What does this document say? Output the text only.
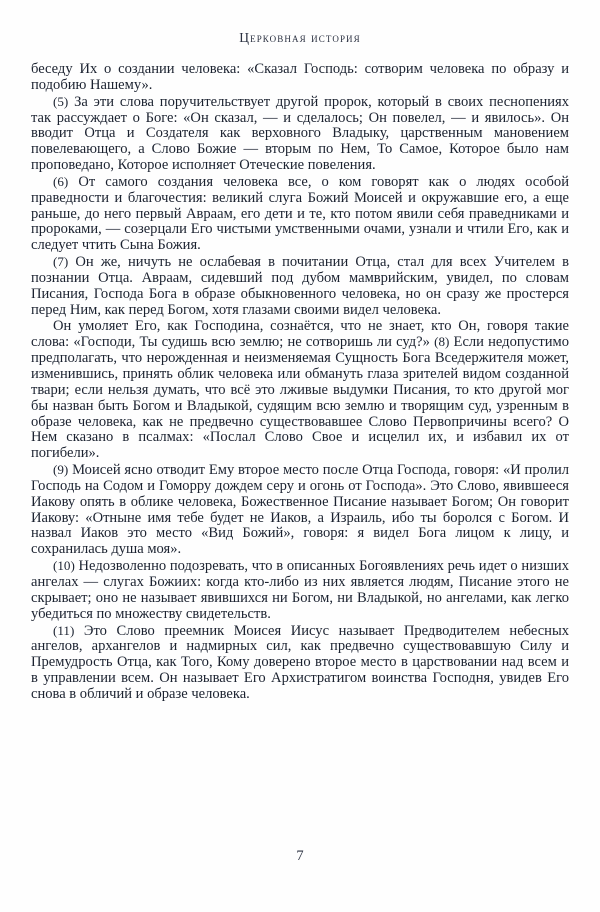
Церковная история

беседу Их о создании человека: «Сказал Господь: сотворим человека по образу и подобию Нашему».

(5) За эти слова поручительствует другой пророк, который в своих песнопениях так рассуждает о Боге: «Он сказал, — и сделалось; Он повелел, — и явилось». Он вводит Отца и Создателя как верховного Владыку, царственным мановением повелевающего, а Слово Божие — вторым по Нем, То Самое, Которое было нам проповедано, Которое исполняет Отеческие повеления.

(6) От самого создания человека все, о ком говорят как о людях особой праведности и благочестия: великий слуга Божий Моисей и окружавшие его, а еще раньше, до него первый Авраам, его дети и те, кто потом явили себя праведниками и пророками, — созерцали Его чистыми умственными очами, узнали и чтили Его, как и следует чтить Сына Божия.

(7) Он же, ничуть не ослабевая в почитании Отца, стал для всех Учителем в познании Отца. Авраам, сидевший под дубом мамврийским, увидел, по словам Писания, Господа Бога в образе обыкновенного человека, но он сразу же простерся перед Ним, как перед Богом, хотя глазами своими видел человека.

Он умоляет Его, как Господина, сознаётся, что не знает, кто Он, говоря такие слова: «Господи, Ты судишь всю землю; не сотворишь ли суд?» (8) Если недопустимо предполагать, что нерожденная и неизменяемая Сущность Бога Вседержителя может, изменившись, принять облик человека или обмануть глаза зрителей видом созданной твари; если нельзя думать, что всё это лживые выдумки Писания, то кто другой мог бы назван быть Богом и Владыкой, судящим всю землю и творящим суд, узренным в образе человека, как не предвечно существовавшее Слово Первопричины всего? О Нем сказано в псалмах: «Послал Слово Свое и исцелил их, и избавил их от погибели».

(9) Моисей ясно отводит Ему второе место после Отца Господа, говоря: «И пролил Господь на Содом и Гоморру дождем серу и огонь от Господа». Это Слово, явившееся Иакову опять в облике человека, Божественное Писание называет Богом; Он говорит Иакову: «Отныне имя тебе будет не Иаков, а Израиль, ибо ты боролся с Богом. И назвал Иаков это место «Вид Божий», говоря: я видел Бога лицом к лицу, и сохранилась душа моя».

(10) Недозволенно подозревать, что в описанных Богоявлениях речь идет о низших ангелах — слугах Божиих: когда кто-либо из них является людям, Писание этого не скрывает; оно не называет явившихся ни Богом, ни Владыкой, но ангелами, как легко убедиться по множеству свидетельств.

(11) Это Слово преемник Моисея Иисус называет Предводителем небесных ангелов, архангелов и надмирных сил, как предвечно существовавшую Силу и Премудрость Отца, как Того, Кому доверено второе место в царствовании над всем и в управлении всем. Он называет Его Архистратигом воинства Господня, увидев Его снова в обличий и образе человека.

7
